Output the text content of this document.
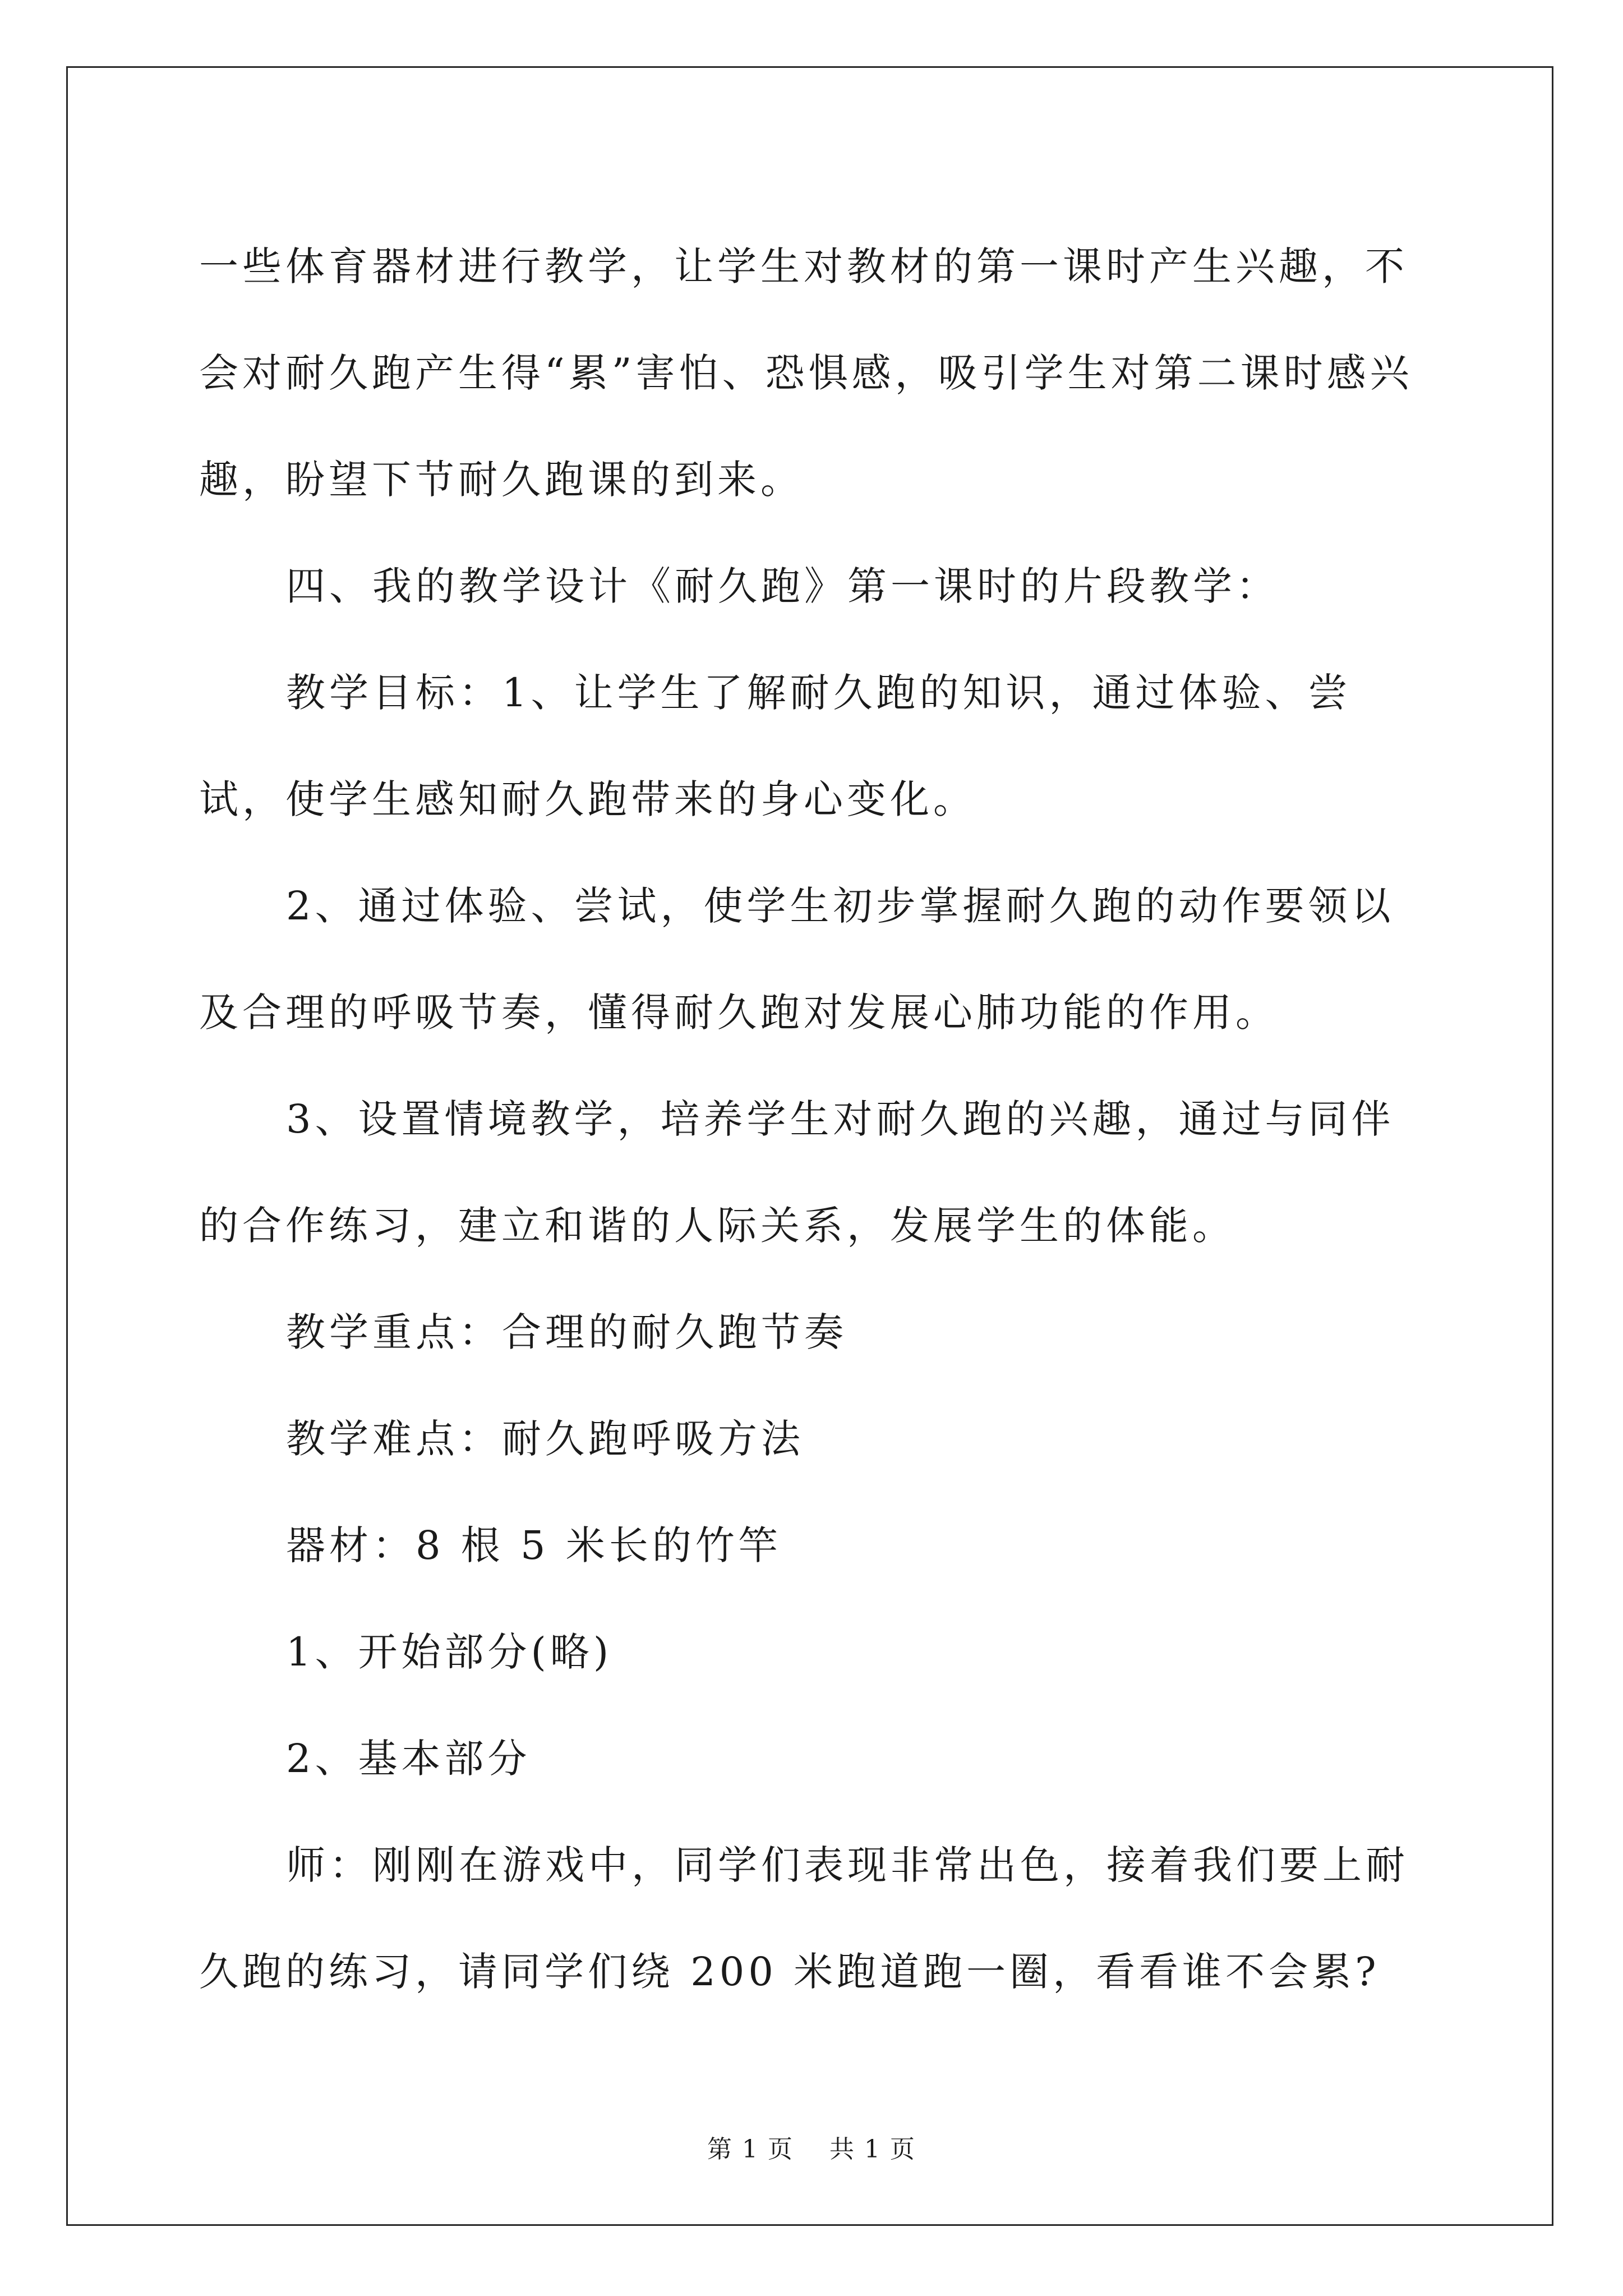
一些体育器材进行教学，让学生对教材的第一课时产生兴趣，不会对耐久跑产生得“累”害怕、恐惧感，吸引学生对第二课时感兴趣，盼望下节耐久跑课的到来。

四、我的教学设计《耐久跑》第一课时的片段教学：

教学目标：1、让学生了解耐久跑的知识，通过体验、尝试，使学生感知耐久跑带来的身心变化。

2、通过体验、尝试，使学生初步掌握耐久跑的动作要领以及合理的呼吸节奏，懂得耐久跑对发展心肺功能的作用。

3、设置情境教学，培养学生对耐久跑的兴趣，通过与同伴的合作练习，建立和谐的人际关系，发展学生的体能。

教学重点：合理的耐久跑节奏

教学难点：耐久跑呼吸方法

器材：8 根 5 米长的竹竿

1、开始部分(略)

2、基本部分

师：刚刚在游戏中，同学们表现非常出色，接着我们要上耐久跑的练习，请同学们绕 200 米跑道跑一圈，看看谁不会累?

第 1 页    共 1 页
